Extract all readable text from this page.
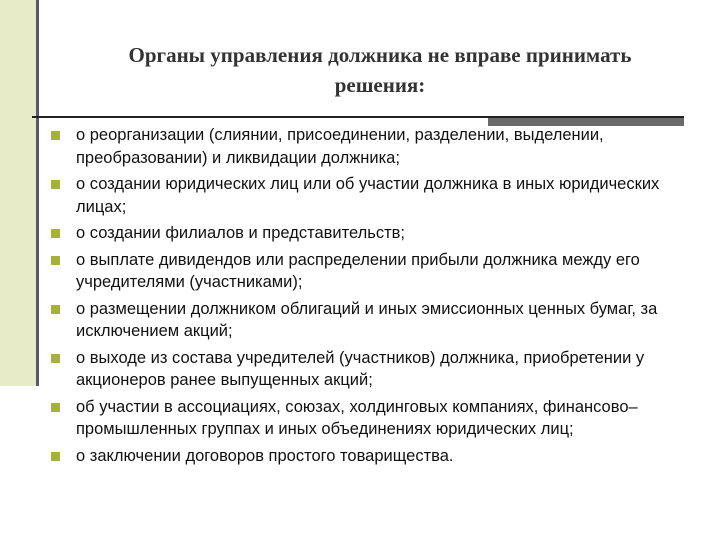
Органы управления должника не вправе принимать
решения:
о реорганизации (слиянии, присоединении, разделении, выделении, преобразовании) и ликвидации должника;
о создании юридических лиц или об участии должника в иных юридических лицах;
о создании филиалов и представительств;
о выплате дивидендов или распределении прибыли должника между его учредителями (участниками);
о размещении должником облигаций и иных эмиссионных ценных бумаг, за исключением акций;
о выходе из состава учредителей (участников) должника, приобретении у акционеров ранее выпущенных акций;
об участии в ассоциациях, союзах, холдинговых компаниях, финансово– промышленных группах и иных объединениях юридических лиц;
о заключении договоров простого товарищества.
